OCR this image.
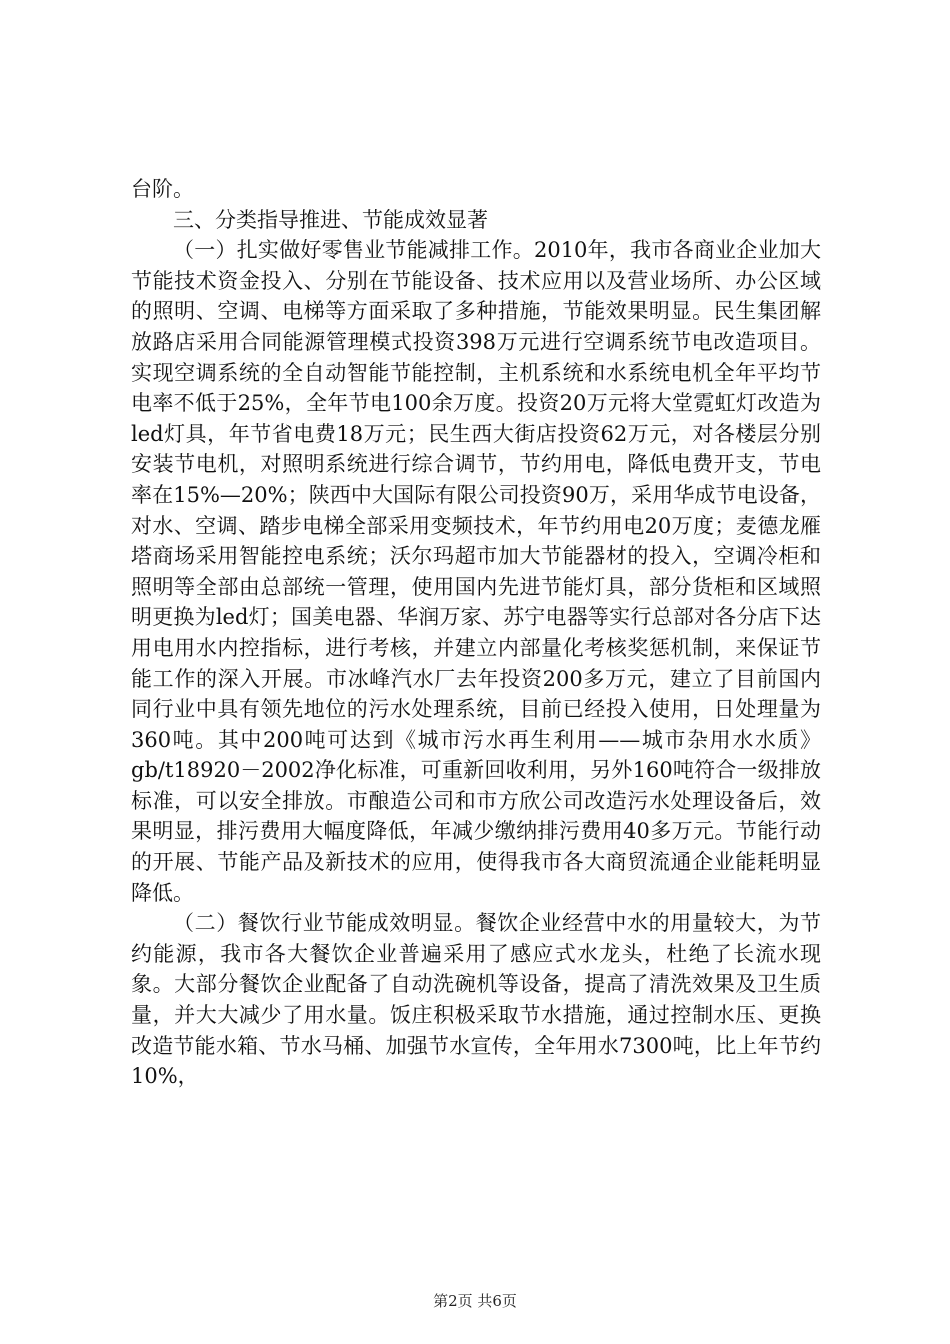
台阶。

三、分类指导推进、节能成效显著

（一）扎实做好零售业节能减排工作。2010年，我市各商业企业加大节能技术资金投入、分别在节能设备、技术应用以及营业场所、办公区域的照明、空调、电梯等方面采取了多种措施，节能效果明显。民生集团解放路店采用合同能源管理模式投资398万元进行空调系统节电改造项目。实现空调系统的全自动智能节能控制，主机系统和水系统电机全年平均节电率不低于25%，全年节电100余万度。投资20万元将大堂霓虹灯改造为led灯具，年节省电费18万元；民生西大街店投资62万元，对各楼层分别安装节电机，对照明系统进行综合调节，节约用电，降低电费开支，节电率在15%—20%；陕西中大国际有限公司投资90万，采用华成节电设备，对水、空调、踏步电梯全部采用变频技术，年节约用电20万度；麦德龙雁塔商场采用智能控电系统；沃尔玛超市加大节能器材的投入，空调冷柜和照明等全部由总部统一管理，使用国内先进节能灯具，部分货柜和区域照明更换为led灯；国美电器、华润万家、苏宁电器等实行总部对各分店下达用电用水内控指标，进行考核，并建立内部量化考核奖惩机制，来保证节能工作的深入开展。市冰峰汽水厂去年投资200多万元，建立了目前国内同行业中具有领先地位的污水处理系统，目前已经投入使用，日处理量为360吨。其中200吨可达到《城市污水再生利用——城市杂用水水质》gb/t18920－2002净化标准，可重新回收利用，另外160吨符合一级排放标准，可以安全排放。市酿造公司和市方欣公司改造污水处理设备后，效果明显，排污费用大幅度降低，年减少缴纳排污费用40多万元。节能行动的开展、节能产品及新技术的应用，使得我市各大商贸流通企业能耗明显降低。

（二）餐饮行业节能成效明显。餐饮企业经营中水的用量较大，为节约能源，我市各大餐饮企业普遍采用了感应式水龙头，杜绝了长流水现象。大部分餐饮企业配备了自动洗碗机等设备，提高了清洗效果及卫生质量，并大大减少了用水量。饭庄积极采取节水措施，通过控制水压、更换改造节能水箱、节水马桶、加强节水宣传，全年用水7300吨，比上年节约10%，

第2页 共6页
